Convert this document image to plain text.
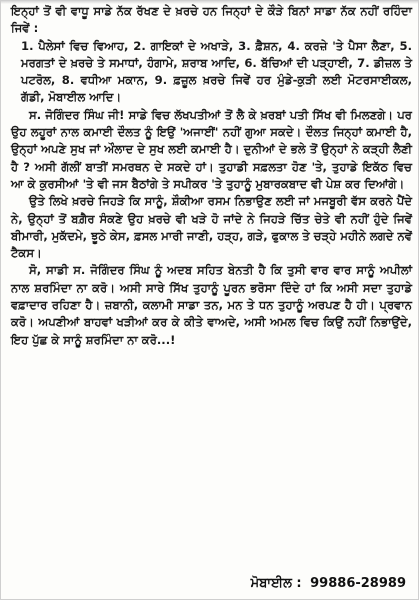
ਇਨ੍ਹਾਂ ਤੋਂ ਵੀ ਵਾਧੂ ਸਾਡੇ ਨੱਕ ਰੱਖਣ ਦੇ ਖ਼ਰਚੇ ਹਨ ਜਿਨ੍ਹਾਂ ਦੇ ਕੌੜੇ ਬਿਨਾਂ ਸਾਡਾ ਨੱਕ ਨਹੀਂ ਰਹਿੰਦਾ ਜਿਵੇਂ :

1. ਪੈਲੇਸਾਂ ਵਿਚ ਵਿਆਹ, 2. ਗਾਇਕਾਂ ਦੇ ਅਖਾੜੇ, 3. ਫ਼ੈਸ਼ਨ, 4. ਕਰਜ਼ੇ 'ਤੇ ਪੈਸਾ ਲੈਣਾ, 5. ਮਰਗਤਾਂ ਦੇ ਖ਼ਰਚੇ ਤੇ ਸਮਾਧਾਂ, ਹੰਗਾਮੇ, ਸ਼ਰਾਬ ਆਦਿ, 6. ਬੱਚਿਆਂ ਦੀ ਪੜ੍ਹਾਈ, 7. ਡੀਜ਼ਲ ਤੇ ਪਟਰੋਲ, 8. ਵਧੀਆ ਮਕਾਨ, 9. ਫ਼ਜ਼ੂਲ ਖ਼ਰਚੇ ਜਿਵੇਂ ਹਰ ਮੁੰਡੇ-ਕੁੜੀ ਲਈ ਮੋਟਰਸਾਈਕਲ, ਗੱਡੀ, ਮੋਬਾਈਲ ਆਦਿ।

ਸ. ਜੋਗਿੰਦਰ ਸਿੰਘ ਜੀ! ਸਾਡੇ ਵਿਚ ਲੱਖਪਤੀਆਂ ਤੋਂ ਲੈ ਕੇ ਖ਼ਰਬਾਂ ਪਤੀ ਸਿੱਖ ਵੀ ਮਿਲਣਗੇ। ਪਰ ਉਹ ਲਹੂਰਾਂ ਨਾਲ ਕਮਾਈ ਦੌਲਤ ਨੂੰ ਇਉਂ 'ਅਜਾਈਂ' ਨਹੀਂ ਗੁਆ ਸਕਦੇ। ਦੌਲਤ ਜਿਨ੍ਹਾਂ ਕਮਾਈ ਹੈ, ਉਨ੍ਹਾਂ ਅਪਣੇ ਸੁਖ ਜਾਂ ਔਲਾਦ ਦੇ ਸੁਖ ਲਈ ਕਮਾਈ ਹੈ। ਦੁਨੀਆਂ ਦੇ ਭਲੇ ਤੋਂ ਉਨ੍ਹਾਂ ਨੇ ਕੜ੍ਹੀ ਲੈਣੀ ਹੈ ? ਅਸੀ ਗੱਲੀਂ ਬਾਤੀਂ ਸਮਰਥਨ ਦੇ ਸਕਦੇ ਹਾਂ। ਤੁਹਾਡੀ ਸਫ਼ਲਤਾ ਹੋਣ 'ਤੇ, ਤੁਹਾਡੇ ਇਕੱਠ ਵਿਚ ਆ ਕੇ ਕੁਰਸੀਆਂ 'ਤੇ ਵੀ ਜਸ ਬੈਠਾਂਗੇ ਤੇ ਸਪੀਕਰ 'ਤੇ ਤੁਹਾਨੂੰ ਮੁਬਾਰਕਬਾਦ ਵੀ ਪੇਸ਼ ਕਰ ਦਿਆਂਗੇ।

ਉਤੇ ਲਿਖੇ ਖ਼ਰਚੇ ਜਿਹੜੇ ਕਿ ਸਾਨੂੰ, ਸ਼ੌਕੀਆ ਰਸਮ ਨਿਭਾਉਣ ਲਈ ਜਾਂ ਮਜਬੂਰੀ ਵੱਸ ਕਰਨੇ ਪੈਂਦੇ ਨੇ, ਉਨ੍ਹਾਂ ਤੋਂ ਬਗ਼ੈਰ ਸੰਕਣੇ ਉਹ ਖ਼ਰਚੇ ਵੀ ਖੜੇ ਹੋ ਜਾਂਦੇ ਨੇ ਜਿਹੜੇ ਚਿੱਤ ਚੇਤੇ ਵੀ ਨਹੀਂ ਹੁੰਦੇ ਜਿਵੇਂ ਬੀਮਾਰੀ, ਮੁਕੱਦਮੇ, ਝੂਠੇ ਕੇਸ, ਫ਼ਸਲ ਮਾਰੀ ਜਾਣੀ, ਹੜ੍ਹ, ਗੜੇ, ਫੁਕਾਲ ਤੇ ਚੜ੍ਹੇ ਮਹੀਨੇ ਲਗਦੇ ਨਵੇਂ ਟੈਕਸ।

ਸੋ, ਸਾਡੀ ਸ. ਜੋਗਿੰਦਰ ਸਿੰਘ ਨੂੰ ਅਦਬ ਸਹਿਤ ਬੇਨਤੀ ਹੈ ਕਿ ਤੁਸੀ ਵਾਰ ਵਾਰ ਸਾਨੂੰ ਅਪੀਲਾਂ ਨਾਲ ਸ਼ਰਮਿੰਦਾ ਨਾ ਕਰੋ। ਅਸੀ ਸਾਰੇ ਸਿੱਖ ਤੁਹਾਨੂੰ ਪੂਰਨ ਭਰੋਸਾ ਦਿੰਦੇ ਹਾਂ ਕਿ ਅਸੀ ਸਦਾ ਤੁਹਾਡੇ ਵਫ਼ਾਦਾਰ ਰਹਿਣਾ ਹੈ। ਜ਼ਬਾਨੀ, ਕਲਾਮੀ ਸਾਡਾ ਤਨ, ਮਨ ਤੇ ਧਨ ਤੁਹਾਨੂੰ ਅਰਪਣ ਹੈ ਹੀ। ਪ੍ਰਵਾਨ ਕਰੋ। ਅਪਣੀਆਂ ਬਾਹਵਾਂ ਖੜੀਆਂ ਕਰ ਕੇ ਕੀਤੇ ਵਾਅਦੇ, ਅਸੀ ਅਮਲ ਵਿਚ ਕਿਉਂ ਨਹੀਂ ਨਿਭਾਉਂਦੇ, ਇਹ ਪੁੱਛ ਕੇ ਸਾਨੂੰ ਸ਼ਰਮਿੰਦਾ ਨਾ ਕਰੋ...!

ਮੋਬਾਈਲ : 99886-28989
